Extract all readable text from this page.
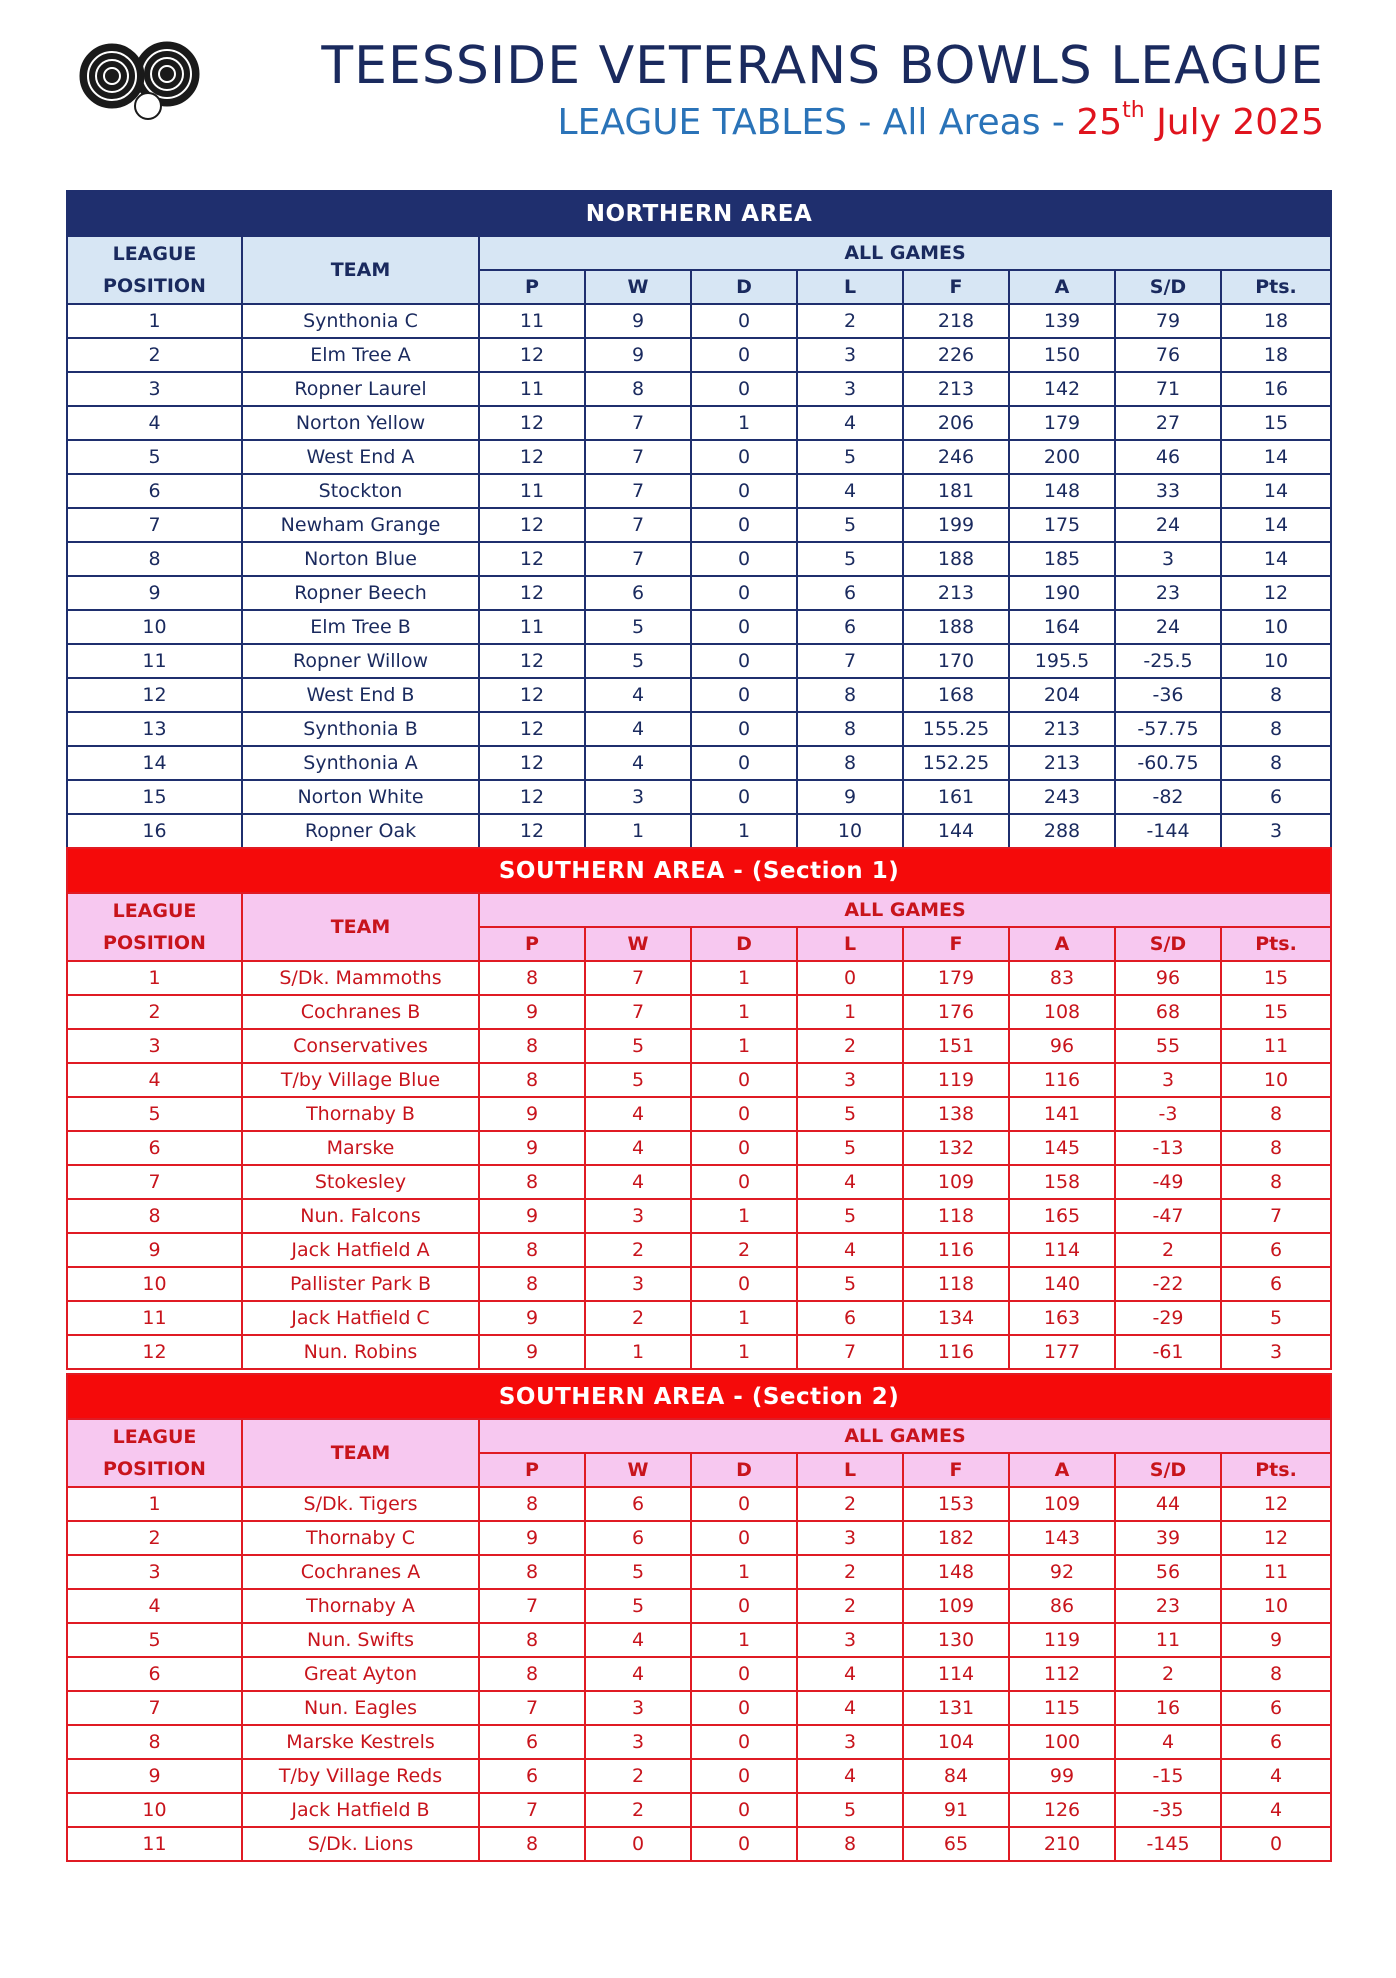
TEESSIDE VETERANS BOWLS LEAGUE
LEAGUE TABLES - All Areas - 25th July 2025
NORTHERN AREA									
LEAGUE POSITION	TEAM	ALL GAMES							
		P	W	D	L	F	A	S/D	Pts.
1	Synthonia C	11	9	0	2	218	139	79	18
2	Elm Tree A	12	9	0	3	226	150	76	18
3	Ropner Laurel	11	8	0	3	213	142	71	16
4	Norton Yellow	12	7	1	4	206	179	27	15
5	West End A	12	7	0	5	246	200	46	14
6	Stockton	11	7	0	4	181	148	33	14
7	Newham Grange	12	7	0	5	199	175	24	14
8	Norton Blue	12	7	0	5	188	185	3	14
9	Ropner Beech	12	6	0	6	213	190	23	12
10	Elm Tree B	11	5	0	6	188	164	24	10
11	Ropner Willow	12	5	0	7	170	195.5	-25.5	10
12	West End B	12	4	0	8	168	204	-36	8
13	Synthonia B	12	4	0	8	155.25	213	-57.75	8
14	Synthonia A	12	4	0	8	152.25	213	-60.75	8
15	Norton White	12	3	0	9	161	243	-82	6
16	Ropner Oak	12	1	1	10	144	288	-144	3
SOUTHERN AREA - (Section 1)									
LEAGUE POSITION	TEAM	ALL GAMES							
		P	W	D	L	F	A	S/D	Pts.
1	S/Dk. Mammoths	8	7	1	0	179	83	96	15
2	Cochranes B	9	7	1	1	176	108	68	15
3	Conservatives	8	5	1	2	151	96	55	11
4	T/by Village Blue	8	5	0	3	119	116	3	10
5	Thornaby B	9	4	0	5	138	141	-3	8
6	Marske	9	4	0	5	132	145	-13	8
7	Stokesley	8	4	0	4	109	158	-49	8
8	Nun. Falcons	9	3	1	5	118	165	-47	7
9	Jack Hatfield A	8	2	2	4	116	114	2	6
10	Pallister Park B	8	3	0	5	118	140	-22	6
11	Jack Hatfield C	9	2	1	6	134	163	-29	5
12	Nun. Robins	9	1	1	7	116	177	-61	3
SOUTHERN AREA - (Section 2)									
LEAGUE POSITION	TEAM	ALL GAMES							
		P	W	D	L	F	A	S/D	Pts.
1	S/Dk. Tigers	8	6	0	2	153	109	44	12
2	Thornaby C	9	6	0	3	182	143	39	12
3	Cochranes A	8	5	1	2	148	92	56	11
4	Thornaby A	7	5	0	2	109	86	23	10
5	Nun. Swifts	8	4	1	3	130	119	11	9
6	Great Ayton	8	4	0	4	114	112	2	8
7	Nun. Eagles	7	3	0	4	131	115	16	6
8	Marske Kestrels	6	3	0	3	104	100	4	6
9	T/by Village Reds	6	2	0	4	84	99	-15	4
10	Jack Hatfield B	7	2	0	5	91	126	-35	4
11	S/Dk. Lions	8	0	0	8	65	210	-145	0
